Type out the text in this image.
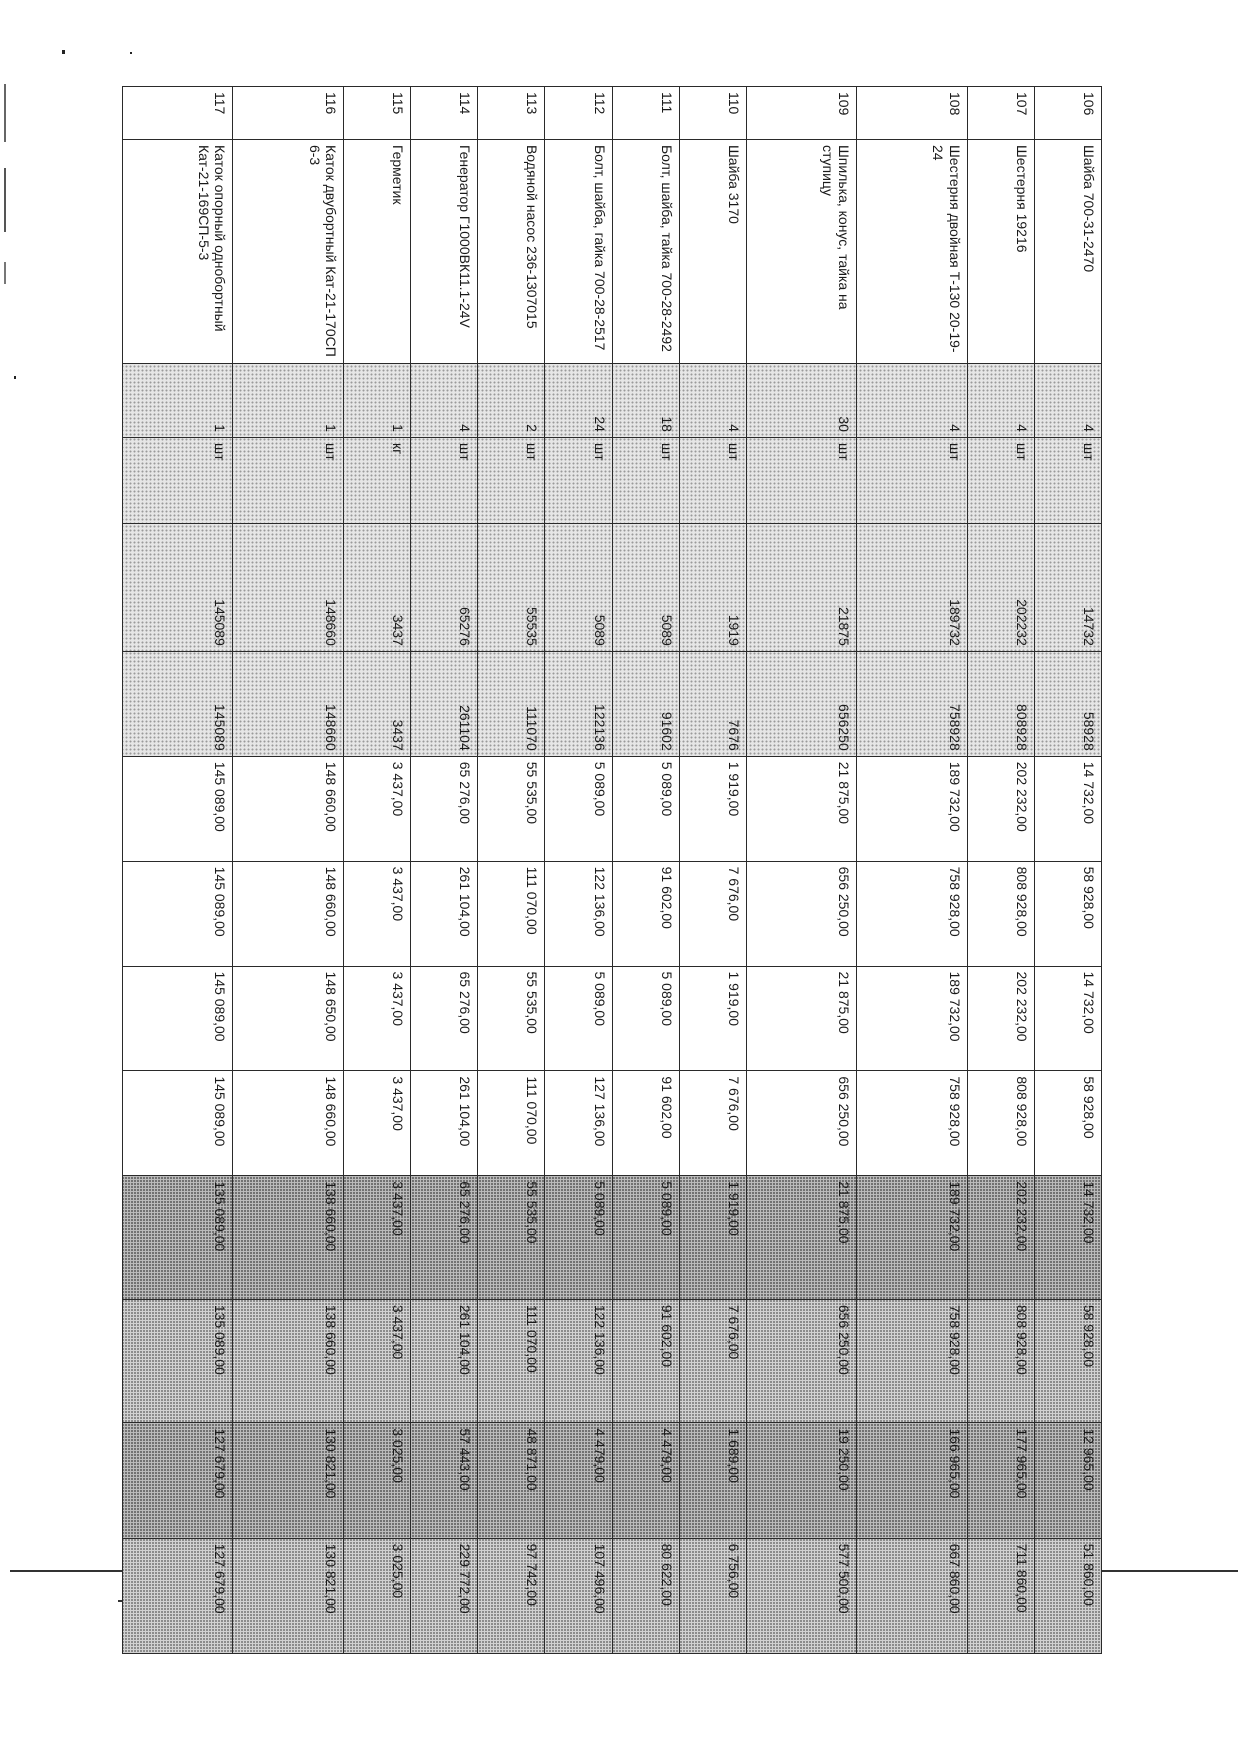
106	Шайба 700-31-2470	4	шт	14732	58928	14 732,00	58 928,00	14 732,00	58 928,00	14 732,00	58 928,00	12 965,00	51 860,00
107	Шестерня 19216	4	шт	202232	808928	202 232,00	808 928,00	202 232,00	808 928,00	202 232,00	808 928,00	177 965,00	711 860,00
108	Шестерня двойная Т-130 20-19-24	4	шт	189732	758928	189 732,00	758 928,00	189 732,00	758 928,00	189 732,00	758 928,00	166 965,00	667 860,00
109	Шпилька, конус, тайка на ступицу	30	шт	21875	656250	21 875,00	656 250,00	21 875,00	656 250,00	21 875,00	656 250,00	19 250,00	577 500,00
110	Шайба 3170	4	шт	1919	7676	1 919,00	7 676,00	1 919,00	7 676,00	1 919,00	7 676,00	1 689,00	6 756,00
111	Болт, шайба, тайка 700-28-2492	18	шт	5089	91602	5 089,00	91 602,00	5 089,00	91 602,00	5 089,00	91 602,00	4 479,00	80 622,00
112	Болт, шайба, гайка 700-28-2517	24	шт	5089	122136	5 089,00	122 136,00	5 089,00	127 136,00	5 089,00	122 136,00	4 479,00	107 496,00
113	Водяной насос 236-1307015	2	шт	55535	111070	55 535,00	111 070,00	55 535,00	111 070,00	55 535,00	111 070,00	48 871,00	97 742,00
114	Генератор Г1000ВК11.1-24V	4	шт	65276	261104	65 276,00	261 104,00	65 276,00	261 104,00	65 276,00	261 104,00	57 443,00	229 772,00
115	Герметик	1	кг	3437	3437	3 437,00	3 437,00	3 437,00	3 437,00	3 437,00	3 437,00	3 025,00	3 025,00
116	Каток двубортный Кат-21-170СП 6-3	1	шт	148660	148660	148 660,00	148 660,00	148 650,00	148 660,00	138 660,00	138 660,00	130 821,00	130 821,00
117	Каток опорный однобортный Кат-21-169СП-5-3	1	шт	145089	145089	145 089,00	145 089,00	145 089,00	145 089,00	135 089,00	135 089,00	127 679,00	127 679,00
